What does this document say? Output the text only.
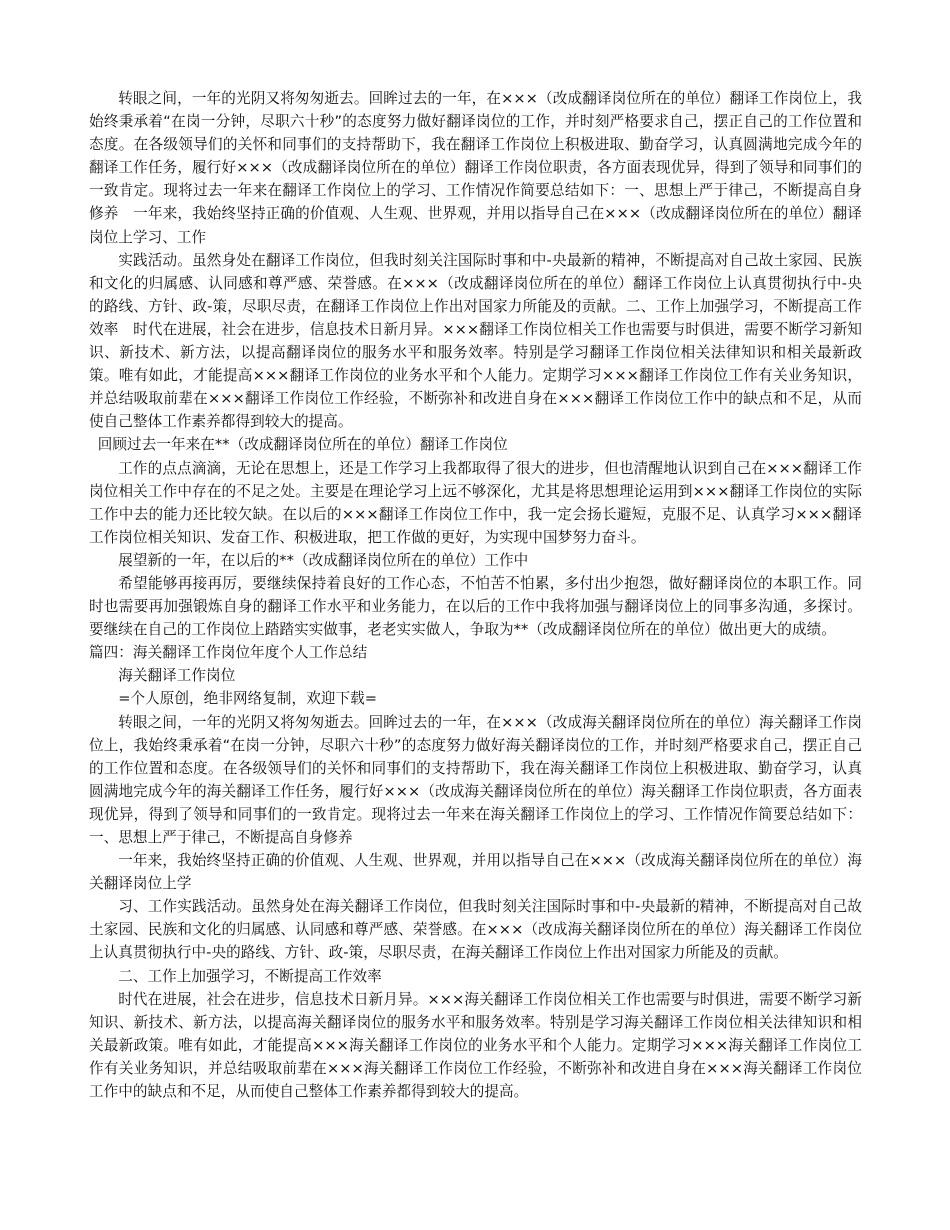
转眼之间，一年的光阴又将匆匆逝去。回眸过去的一年，在×××（改成翻译岗位所在的单位）翻译工作岗位上，我始终秉承着“在岗一分钟，尽职六十秒”的态度努力做好翻译岗位的工作，并时刻严格要求自己，摆正自己的工作位置和态度。在各级领导们的关怀和同事们的支持帮助下，我在翻译工作岗位上积极进取、勤奋学习，认真圆满地完成今年的翻译工作任务，履行好×××（改成翻译岗位所在的单位）翻译工作岗位职责，各方面表现优异，得到了领导和同事们的一致肯定。现将过去一年来在翻译工作岗位上的学习、工作情况作简要总结如下：一、思想上严于律己，不断提高自身修养　一年来，我始终坚持正确的价值观、人生观、世界观，并用以指导自己在×××（改成翻译岗位所在的单位）翻译岗位上学习、工作

实践活动。虽然身处在翻译工作岗位，但我时刻关注国际时事和中-央最新的精神，不断提高对自己故土家园、民族和文化的归属感、认同感和尊严感、荣誉感。在×××（改成翻译岗位所在的单位）翻译工作岗位上认真贯彻执行中-央的路线、方针、政-策，尽职尽责，在翻译工作岗位上作出对国家力所能及的贡献。二、工作上加强学习，不断提高工作效率　时代在进展，社会在进步，信息技术日新月异。×××翻译工作岗位相关工作也需要与时俱进，需要不断学习新知识、新技术、新方法，以提高翻译岗位的服务水平和服务效率。特别是学习翻译工作岗位相关法律知识和相关最新政策。唯有如此，才能提高×××翻译工作岗位的业务水平和个人能力。定期学习×××翻译工作岗位工作有关业务知识，并总结吸取前辈在×××翻译工作岗位工作经验，不断弥补和改进自身在×××翻译工作岗位工作中的缺点和不足，从而使自己整体工作素养都得到较大的提高。

回顾过去一年来在**（改成翻译岗位所在的单位）翻译工作岗位

工作的点点滴滴，无论在思想上，还是工作学习上我都取得了很大的进步，但也清醒地认识到自己在×××翻译工作岗位相关工作中存在的不足之处。主要是在理论学习上远不够深化，尤其是将思想理论运用到×××翻译工作岗位的实际工作中去的能力还比较欠缺。在以后的×××翻译工作岗位工作中，我一定会扬长避短，克服不足、认真学习×××翻译工作岗位相关知识、发奋工作、积极进取，把工作做的更好，为实现中国梦努力奋斗。

展望新的一年，在以后的**（改成翻译岗位所在的单位）工作中

希望能够再接再厉，要继续保持着良好的工作心态，不怕苦不怕累，多付出少抱怨，做好翻译岗位的本职工作。同时也需要再加强锻炼自身的翻译工作水平和业务能力，在以后的工作中我将加强与翻译岗位上的同事多沟通，多探讨。要继续在自己的工作岗位上踏踏实实做事，老老实实做人，争取为**（改成翻译岗位所在的单位）做出更大的成绩。

篇四：海关翻译工作岗位年度个人工作总结

海关翻译工作岗位

=个人原创，绝非网络复制，欢迎下载=

转眼之间，一年的光阴又将匆匆逝去。回眸过去的一年，在×××（改成海关翻译岗位所在的单位）海关翻译工作岗位上，我始终秉承着“在岗一分钟，尽职六十秒”的态度努力做好海关翻译岗位的工作，并时刻严格要求自己，摆正自己的工作位置和态度。在各级领导们的关怀和同事们的支持帮助下，我在海关翻译工作岗位上积极进取、勤奋学习，认真圆满地完成今年的海关翻译工作任务，履行好×××（改成海关翻译岗位所在的单位）海关翻译工作岗位职责，各方面表现优异，得到了领导和同事们的一致肯定。现将过去一年来在海关翻译工作岗位上的学习、工作情况作简要总结如下：一、思想上严于律己，不断提高自身修养

一年来，我始终坚持正确的价值观、人生观、世界观，并用以指导自己在×××（改成海关翻译岗位所在的单位）海关翻译岗位上学

习、工作实践活动。虽然身处在海关翻译工作岗位，但我时刻关注国际时事和中-央最新的精神，不断提高对自己故土家园、民族和文化的归属感、认同感和尊严感、荣誉感。在×××（改成海关翻译岗位所在的单位）海关翻译工作岗位上认真贯彻执行中-央的路线、方针、政-策，尽职尽责，在海关翻译工作岗位上作出对国家力所能及的贡献。

二、工作上加强学习，不断提高工作效率

时代在进展，社会在进步，信息技术日新月异。×××海关翻译工作岗位相关工作也需要与时俱进，需要不断学习新知识、新技术、新方法，以提高海关翻译岗位的服务水平和服务效率。特别是学习海关翻译工作岗位相关法律知识和相关最新政策。唯有如此，才能提高×××海关翻译工作岗位的业务水平和个人能力。定期学习×××海关翻译工作岗位工作有关业务知识，并总结吸取前辈在×××海关翻译工作岗位工作经验，不断弥补和改进自身在×××海关翻译工作岗位工作中的缺点和不足，从而使自己整体工作素养都得到较大的提高。
